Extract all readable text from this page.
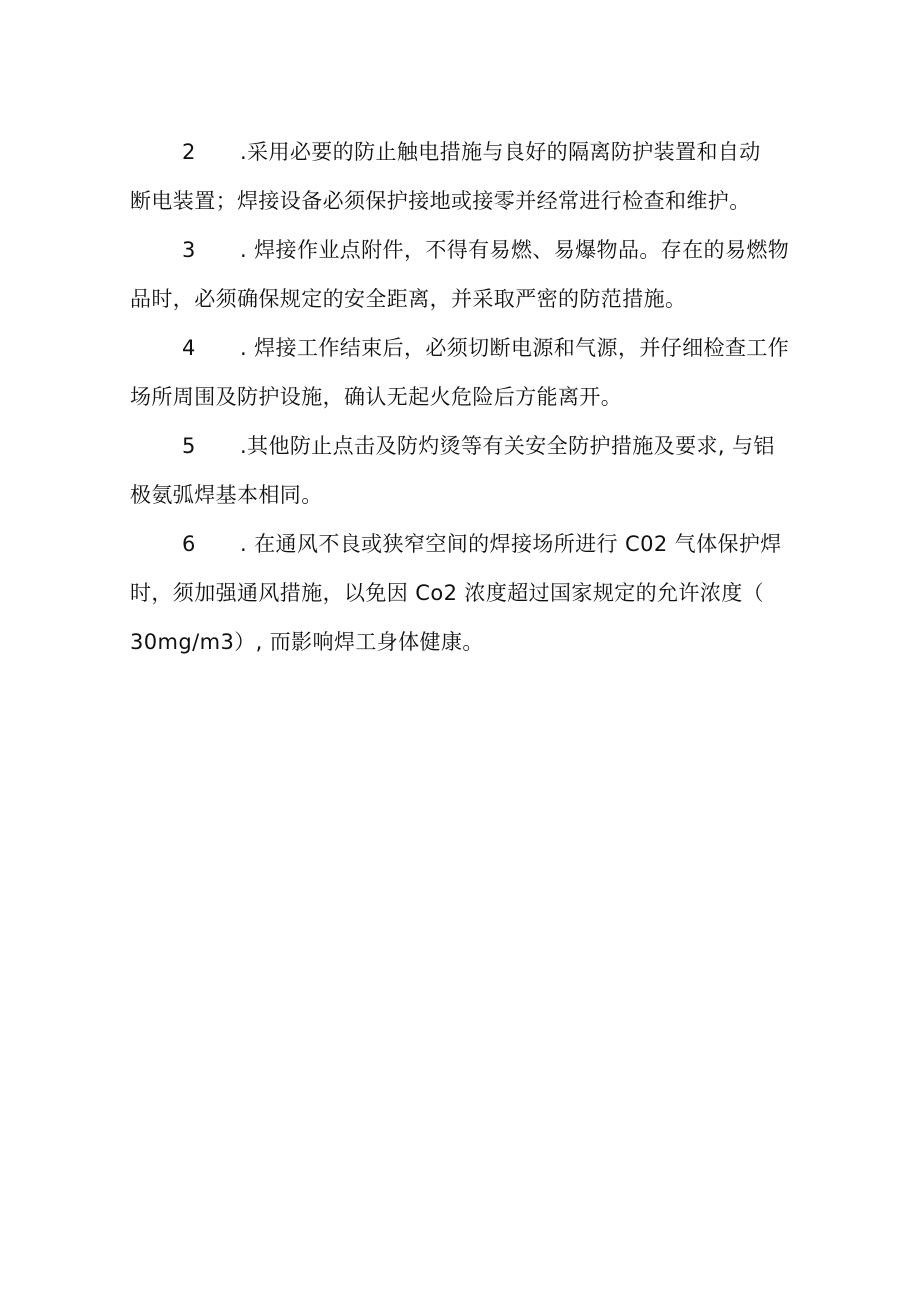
2 .采用必要的防止触电措施与良好的隔离防护装置和自动
断电装置；焊接设备必须保护接地或接零并经常进行检查和维护。
3 . 焊接作业点附件，不得有易燃、易爆物品。存在的易燃物
品时，必须确保规定的安全距离，并采取严密的防范措施。
4 . 焊接工作结束后，必须切断电源和气源，并仔细检查工作
场所周围及防护设施，确认无起火危险后方能离开。
5 .其他防止点击及防灼烫等有关安全防护措施及要求, 与铝
极氨弧焊基本相同。
6 . 在通风不良或狭窄空间的焊接场所进行 C02 气体保护焊
时，须加强通风措施，以免因 Co2 浓度超过国家规定的允许浓度（
30mg/m3）, 而影响焊工身体健康。
